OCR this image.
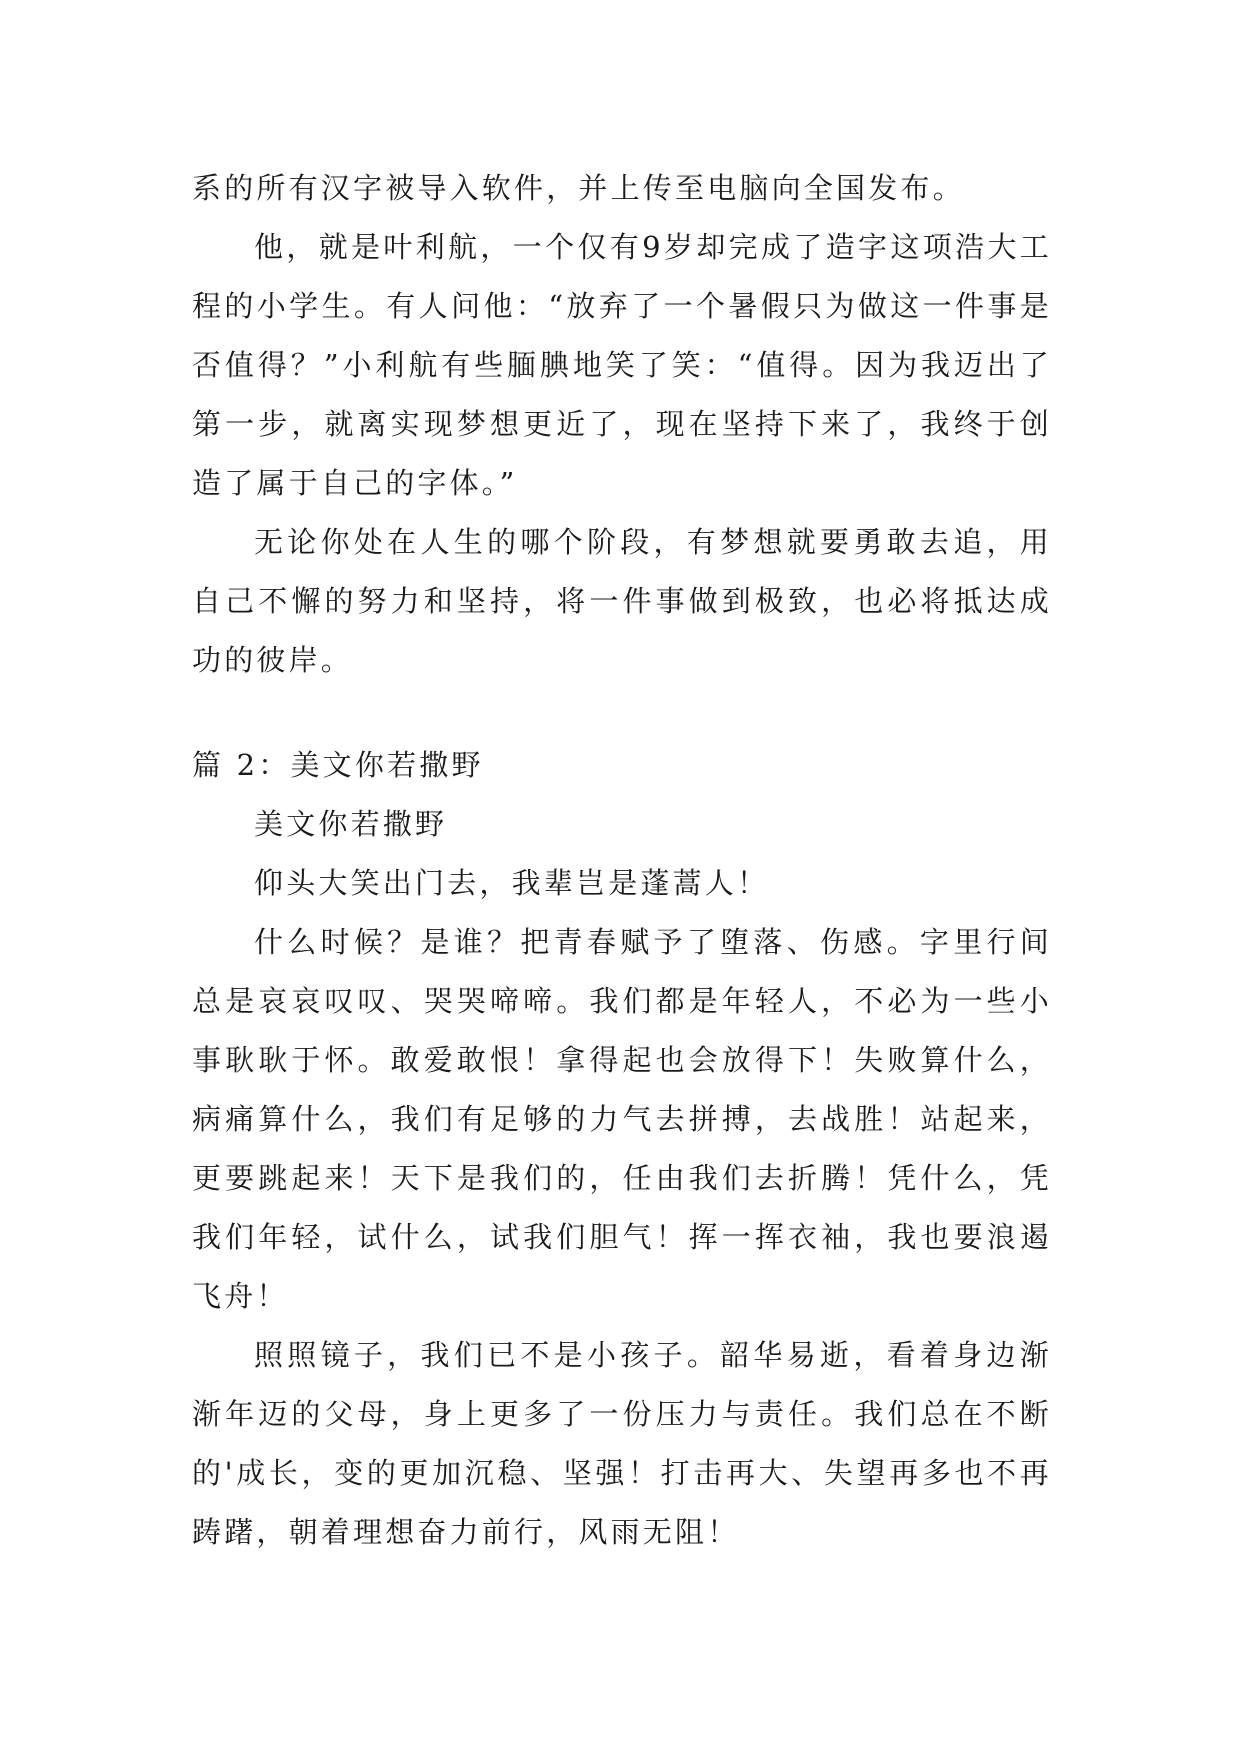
系的所有汉字被导入软件，并上传至电脑向全国发布。

他，就是叶利航，一个仅有9岁却完成了造字这项浩大工程的小学生。有人问他：“放弃了一个暑假只为做这一件事是否值得？”小利航有些腼腆地笑了笑：“值得。因为我迈出了第一步，就离实现梦想更近了，现在坚持下来了，我终于创造了属于自己的字体。”

无论你处在人生的哪个阶段，有梦想就要勇敢去追，用自己不懈的努力和坚持，将一件事做到极致，也必将抵达成功的彼岸。

篇 2：美文你若撒野

美文你若撒野

仰头大笑出门去，我辈岂是蓬蒿人！

什么时候？是谁？把青春赋予了堕落、伤感。字里行间总是哀哀叹叹、哭哭啼啼。我们都是年轻人，不必为一些小事耿耿于怀。敢爱敢恨！拿得起也会放得下！失败算什么，病痛算什么，我们有足够的力气去拼搏，去战胜！站起来，更要跳起来！天下是我们的，任由我们去折腾！凭什么，凭我们年轻，试什么，试我们胆气！挥一挥衣袖，我也要浪遏飞舟！

照照镜子，我们已不是小孩子。韶华易逝，看着身边渐渐年迈的父母，身上更多了一份压力与责任。我们总在不断的'成长，变的更加沉稳、坚强！打击再大、失望再多也不再踌躇，朝着理想奋力前行，风雨无阻！
